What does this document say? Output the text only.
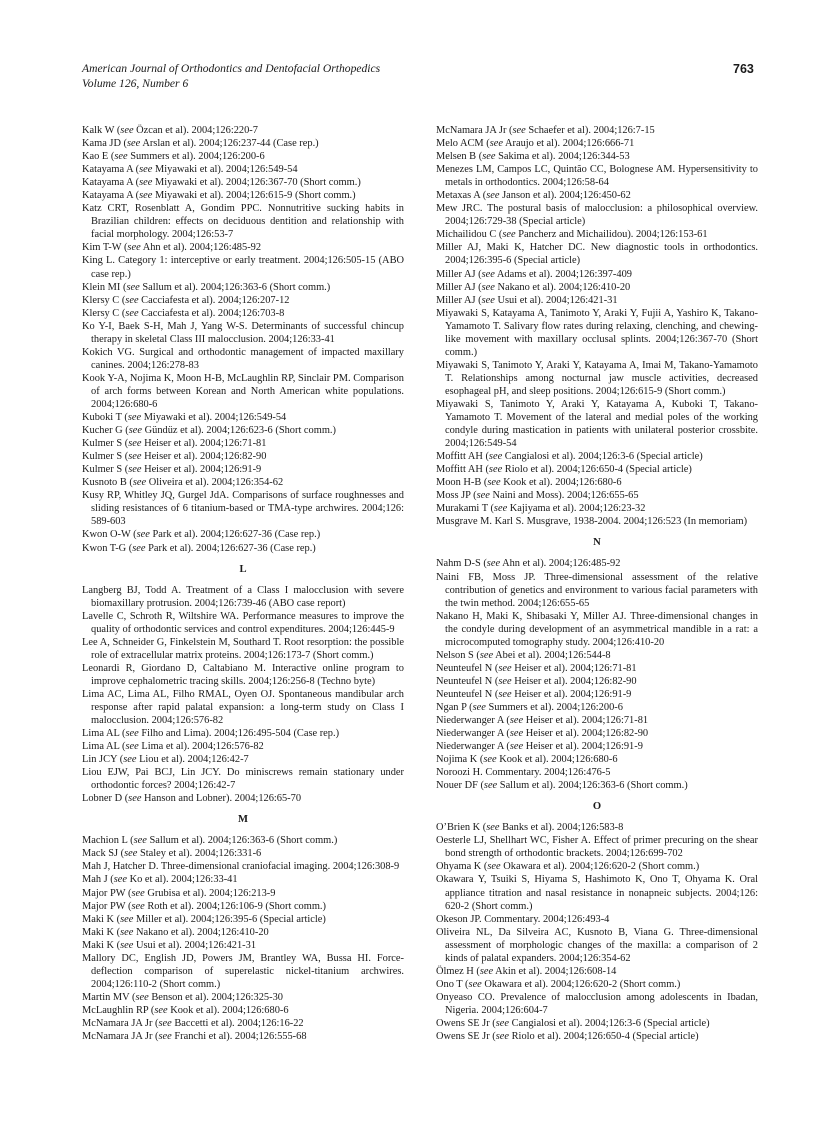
American Journal of Orthodontics and Dentofacial Orthopedics
Volume 126, Number 6
763
Kalk W (see Özcan et al). 2004;126:220-7
Kama JD (see Arslan et al). 2004;126:237-44 (Case rep.)
Kao E (see Summers et al). 2004;126:200-6
Katayama A (see Miyawaki et al). 2004;126:549-54
Katayama A (see Miyawaki et al). 2004;126:367-70 (Short comm.)
Katayama A (see Miyawaki et al). 2004;126:615-9 (Short comm.)
Katz CRT, Rosenblatt A, Gondim PPC. Nonnutritive sucking habits in Brazilian children: effects on deciduous dentition and relationship with facial morphology. 2004;126:53-7
Kim T-W (see Ahn et al). 2004;126:485-92
King L. Category 1: interceptive or early treatment. 2004;126:505-15 (ABO case rep.)
Klein MI (see Sallum et al). 2004;126:363-6 (Short comm.)
Klersy C (see Cacciafesta et al). 2004;126:207-12
Klersy C (see Cacciafesta et al). 2004;126:703-8
Ko Y-I, Baek S-H, Mah J, Yang W-S. Determinants of successful chincup therapy in skeletal Class III malocclusion. 2004;126:33-41
Kokich VG. Surgical and orthodontic management of impacted maxillary canines. 2004;126:278-83
Kook Y-A, Nojima K, Moon H-B, McLaughlin RP, Sinclair PM. Comparison of arch forms between Korean and North American white populations. 2004;126:680-6
Kuboki T (see Miyawaki et al). 2004;126:549-54
Kucher G (see Gündüz et al). 2004;126:623-6 (Short comm.)
Kulmer S (see Heiser et al). 2004;126:71-81
Kulmer S (see Heiser et al). 2004;126:82-90
Kulmer S (see Heiser et al). 2004;126:91-9
Kusnoto B (see Oliveira et al). 2004;126:354-62
Kusy RP, Whitley JQ, Gurgel JdA. Comparisons of surface roughnesses and sliding resistances of 6 titanium-based or TMA-type archwires. 2004;126: 589-603
Kwon O-W (see Park et al). 2004;126:627-36 (Case rep.)
Kwon T-G (see Park et al). 2004;126:627-36 (Case rep.)
L
Langberg BJ, Todd A. Treatment of a Class I malocclusion with severe biomaxillary protrusion. 2004;126:739-46 (ABO case report)
Lavelle C, Schroth R, Wiltshire WA. Performance measures to improve the quality of orthodontic services and control expenditures. 2004;126:445-9
Lee A, Schneider G, Finkelstein M, Southard T. Root resorption: the possible role of extracellular matrix proteins. 2004;126:173-7 (Short comm.)
Leonardi R, Giordano D, Caltabiano M. Interactive online program to improve cephalometric tracing skills. 2004;126:256-8 (Techno byte)
Lima AC, Lima AL, Filho RMAL, Oyen OJ. Spontaneous mandibular arch response after rapid palatal expansion: a long-term study on Class I malocclusion. 2004;126:576-82
Lima AL (see Filho and Lima). 2004;126:495-504 (Case rep.)
Lima AL (see Lima et al). 2004;126:576-82
Lin JCY (see Liou et al). 2004;126:42-7
Liou EJW, Pai BCJ, Lin JCY. Do miniscrews remain stationary under orthodontic forces? 2004;126:42-7
Lobner D (see Hanson and Lobner). 2004;126:65-70
M
Machion L (see Sallum et al). 2004;126:363-6 (Short comm.)
Mack SJ (see Staley et al). 2004;126:331-6
Mah J, Hatcher D. Three-dimensional craniofacial imaging. 2004;126:308-9
Mah J (see Ko et al). 2004;126:33-41
Major PW (see Grubisa et al). 2004;126:213-9
Major PW (see Roth et al). 2004;126:106-9 (Short comm.)
Maki K (see Miller et al). 2004;126:395-6 (Special article)
Maki K (see Nakano et al). 2004;126:410-20
Maki K (see Usui et al). 2004;126:421-31
Mallory DC, English JD, Powers JM, Brantley WA, Bussa HI. Force-deflection comparison of superelastic nickel-titanium archwires. 2004;126:110-2 (Short comm.)
Martin MV (see Benson et al). 2004;126:325-30
McLaughlin RP (see Kook et al). 2004;126:680-6
McNamara JA Jr (see Baccetti et al). 2004;126:16-22
McNamara JA Jr (see Franchi et al). 2004;126:555-68
McNamara JA Jr (see Schaefer et al). 2004;126:7-15
Melo ACM (see Araujo et al). 2004;126:666-71
Melsen B (see Sakima et al). 2004;126:344-53
Menezes LM, Campos LC, Quintão CC, Bolognese AM. Hypersensitivity to metals in orthodontics. 2004;126:58-64
Metaxas A (see Janson et al). 2004;126:450-62
Mew JRC. The postural basis of malocclusion: a philosophical overview. 2004;126:729-38 (Special article)
Michailidou C (see Pancherz and Michailidou). 2004;126:153-61
Miller AJ, Maki K, Hatcher DC. New diagnostic tools in orthodontics. 2004;126:395-6 (Special article)
Miller AJ (see Adams et al). 2004;126:397-409
Miller AJ (see Nakano et al). 2004;126:410-20
Miller AJ (see Usui et al). 2004;126:421-31
Miyawaki S, Katayama A, Tanimoto Y, Araki Y, Fujii A, Yashiro K, Takano-Yamamoto T. Salivary flow rates during relaxing, clenching, and chewing-like movement with maxillary occlusal splints. 2004;126:367-70 (Short comm.)
Miyawaki S, Tanimoto Y, Araki Y, Katayama A, Imai M, Takano-Yamamoto T. Relationships among nocturnal jaw muscle activities, decreased esophageal pH, and sleep positions. 2004;126:615-9 (Short comm.)
Miyawaki S, Tanimoto Y, Araki Y, Katayama A, Kuboki T, Takano-Yamamoto T. Movement of the lateral and medial poles of the working condyle during mastication in patients with unilateral posterior crossbite. 2004;126:549-54
Moffitt AH (see Cangialosi et al). 2004;126:3-6 (Special article)
Moffitt AH (see Riolo et al). 2004;126:650-4 (Special article)
Moon H-B (see Kook et al). 2004;126:680-6
Moss JP (see Naini and Moss). 2004;126:655-65
Murakami T (see Kajiyama et al). 2004;126:23-32
Musgrave M. Karl S. Musgrave, 1938-2004. 2004;126:523 (In memoriam)
N
Nahm D-S (see Ahn et al). 2004;126:485-92
Naini FB, Moss JP. Three-dimensional assessment of the relative contribution of genetics and environment to various facial parameters with the twin method. 2004;126:655-65
Nakano H, Maki K, Shibasaki Y, Miller AJ. Three-dimensional changes in the condyle during development of an asymmetrical mandible in a rat: a microcomputed tomography study. 2004;126:410-20
Nelson S (see Abei et al). 2004;126:544-8
Neunteufel N (see Heiser et al). 2004;126:71-81
Neunteufel N (see Heiser et al). 2004;126:82-90
Neunteufel N (see Heiser et al). 2004;126:91-9
Ngan P (see Summers et al). 2004;126:200-6
Niederwanger A (see Heiser et al). 2004;126:71-81
Niederwanger A (see Heiser et al). 2004;126:82-90
Niederwanger A (see Heiser et al). 2004;126:91-9
Nojima K (see Kook et al). 2004;126:680-6
Noroozi H. Commentary. 2004;126:476-5
Nouer DF (see Sallum et al). 2004;126:363-6 (Short comm.)
O
O’Brien K (see Banks et al). 2004;126:583-8
Oesterle LJ, Shellhart WC, Fisher A. Effect of primer precuring on the shear bond strength of orthodontic brackets. 2004;126:699-702
Ohyama K (see Okawara et al). 2004;126:620-2 (Short comm.)
Okawara Y, Tsuiki S, Hiyama S, Hashimoto K, Ono T, Ohyama K. Oral appliance titration and nasal resistance in nonapneic subjects. 2004;126: 620-2 (Short comm.)
Okeson JP. Commentary. 2004;126:493-4
Oliveira NL, Da Silveira AC, Kusnoto B, Viana G. Three-dimensional assessment of morphologic changes of the maxilla: a comparison of 2 kinds of palatal expanders. 2004;126:354-62
Ölmez H (see Akin et al). 2004;126:608-14
Ono T (see Okawara et al). 2004;126:620-2 (Short comm.)
Onyeaso CO. Prevalence of malocclusion among adolescents in Ibadan, Nigeria. 2004;126:604-7
Owens SE Jr (see Cangialosi et al). 2004;126:3-6 (Special article)
Owens SE Jr (see Riolo et al). 2004;126:650-4 (Special article)
